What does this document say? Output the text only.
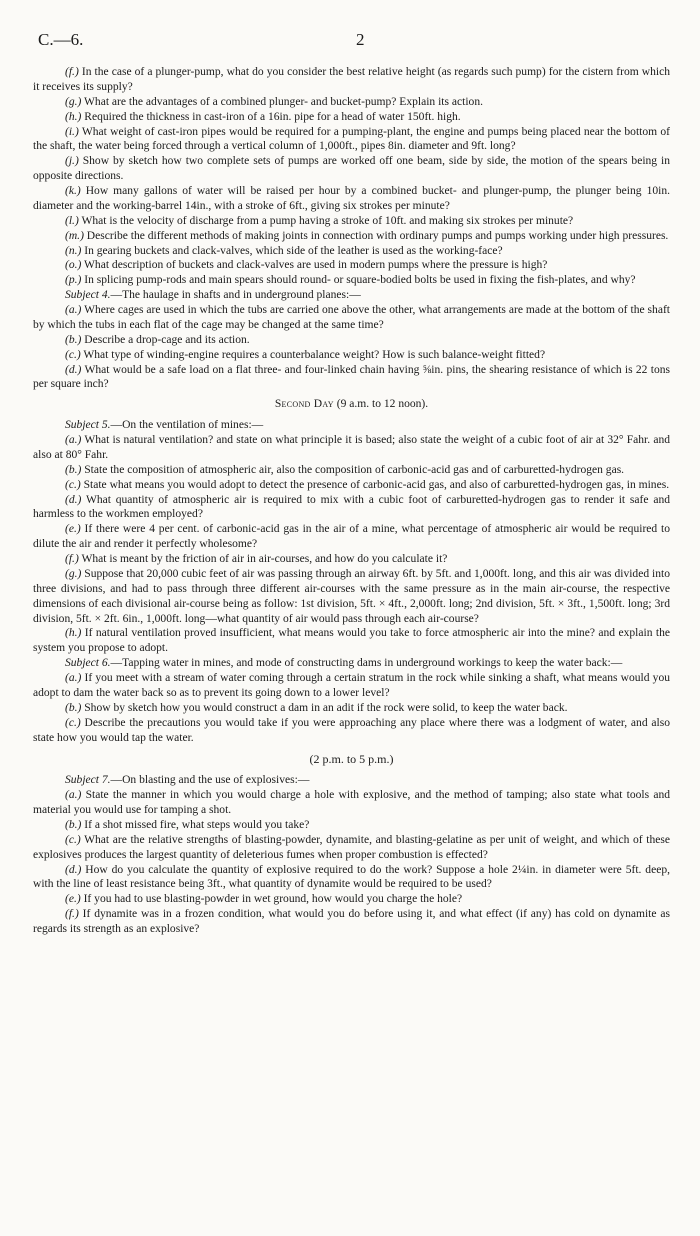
C.—6.	2

(f.) In the case of a plunger-pump, what do you consider the best relative height (as regards such pump) for the cistern from which it receives its supply?

(g.) What are the advantages of a combined plunger- and bucket-pump? Explain its action.

(h.) Required the thickness in cast-iron of a 16in. pipe for a head of water 150ft. high.

(i.) What weight of cast-iron pipes would be required for a pumping-plant, the engine and pumps being placed near the bottom of the shaft, the water being forced through a vertical column of 1,000ft., pipes 8in. diameter and 9ft. long?

(j.) Show by sketch how two complete sets of pumps are worked off one beam, side by side, the motion of the spears being in opposite directions.

(k.) How many gallons of water will be raised per hour by a combined bucket- and plunger-pump, the plunger being 10in. diameter and the working-barrel 14in., with a stroke of 6ft., giving six strokes per minute?

(l.) What is the velocity of discharge from a pump having a stroke of 10ft. and making six strokes per minute?

(m.) Describe the different methods of making joints in connection with ordinary pumps and pumps working under high pressures.

(n.) In gearing buckets and clack-valves, which side of the leather is used as the working-face?

(o.) What description of buckets and clack-valves are used in modern pumps where the pressure is high?

(p.) In splicing pump-rods and main spears should round- or square-bodied bolts be used in fixing the fish-plates, and why?

Subject 4.—The haulage in shafts and in underground planes:—

(a.) Where cages are used in which the tubs are carried one above the other, what arrangements are made at the bottom of the shaft by which the tubs in each flat of the cage may be changed at the same time?

(b.) Describe a drop-cage and its action.

(c.) What type of winding-engine requires a counterbalance weight? How is such balance-weight fitted?

(d.) What would be a safe load on a flat three- and four-linked chain having ⅝in. pins, the shearing resistance of which is 22 tons per square inch?

Second Day (9 a.m. to 12 noon).

Subject 5.—On the ventilation of mines:—

(a.) What is natural ventilation? and state on what principle it is based; also state the weight of a cubic foot of air at 32° Fahr. and also at 80° Fahr.

(b.) State the composition of atmospheric air, also the composition of carbonic-acid gas and of carburetted-hydrogen gas.

(c.) State what means you would adopt to detect the presence of carbonic-acid gas, and also of carburetted-hydrogen gas, in mines.

(d.) What quantity of atmospheric air is required to mix with a cubic foot of carburetted-hydrogen gas to render it safe and harmless to the workmen employed?

(e.) If there were 4 per cent. of carbonic-acid gas in the air of a mine, what percentage of atmospheric air would be required to dilute the air and render it perfectly wholesome?

(f.) What is meant by the friction of air in air-courses, and how do you calculate it?

(g.) Suppose that 20,000 cubic feet of air was passing through an airway 6ft. by 5ft. and 1,000ft. long, and this air was divided into three divisions, and had to pass through three different air-courses with the same pressure as in the main air-course, the respective dimensions of each divisional air-course being as follow: 1st division, 5ft. × 4ft., 2,000ft. long; 2nd division, 5ft. × 3ft., 1,500ft. long; 3rd division, 5ft. × 2ft. 6in., 1,000ft. long—what quantity of air would pass through each air-course?

(h.) If natural ventilation proved insufficient, what means would you take to force atmospheric air into the mine? and explain the system you propose to adopt.

Subject 6.—Tapping water in mines, and mode of constructing dams in underground workings to keep the water back:—

(a.) If you meet with a stream of water coming through a certain stratum in the rock while sinking a shaft, what means would you adopt to dam the water back so as to prevent its going down to a lower level?

(b.) Show by sketch how you would construct a dam in an adit if the rock were solid, to keep the water back.

(c.) Describe the precautions you would take if you were approaching any place where there was a lodgment of water, and also state how you would tap the water.

(2 p.m. to 5 p.m.)

Subject 7.—On blasting and the use of explosives:—

(a.) State the manner in which you would charge a hole with explosive, and the method of tamping; also state what tools and material you would use for tamping a shot.

(b.) If a shot missed fire, what steps would you take?

(c.) What are the relative strengths of blasting-powder, dynamite, and blasting-gelatine as per unit of weight, and which of these explosives produces the largest quantity of deleterious fumes when proper combustion is effected?

(d.) How do you calculate the quantity of explosive required to do the work? Suppose a hole 2¼in. in diameter were 5ft. deep, with the line of least resistance being 3ft., what quantity of dynamite would be required to be used?

(e.) If you had to use blasting-powder in wet ground, how would you charge the hole?

(f.) If dynamite was in a frozen condition, what would you do before using it, and what effect (if any) has cold on dynamite as regards its strength as an explosive?
